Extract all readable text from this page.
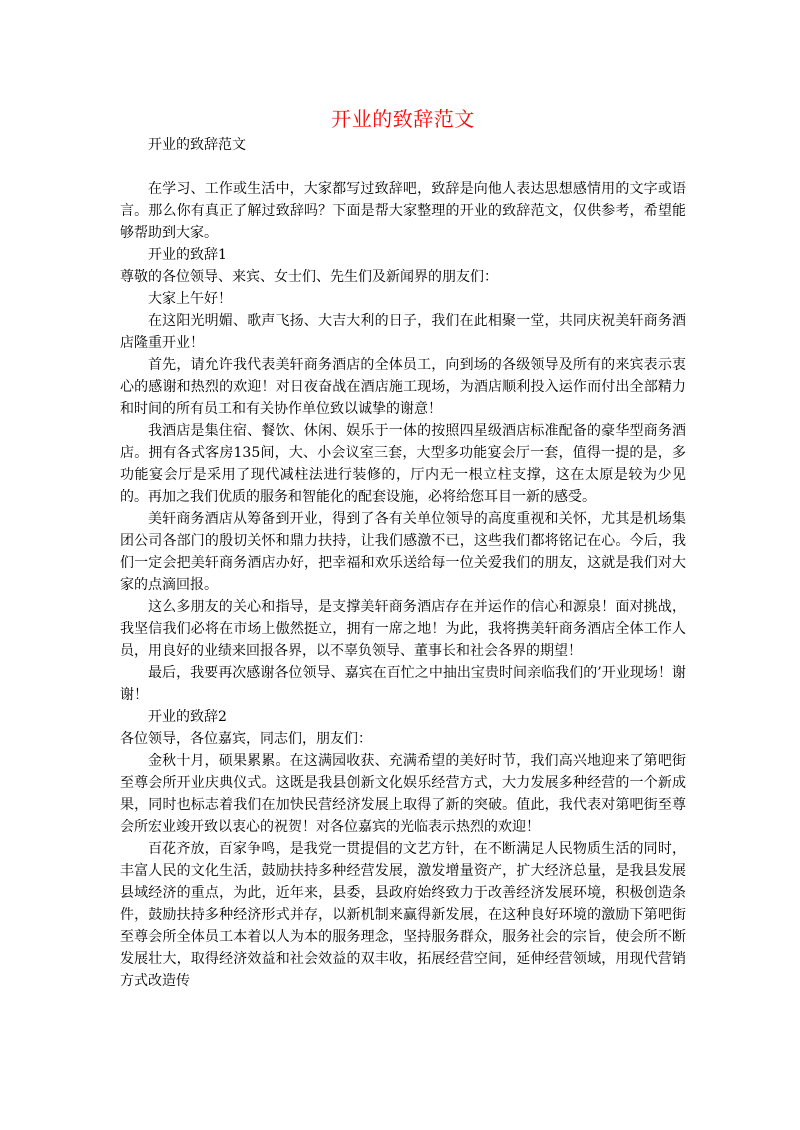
开业的致辞范文

开业的致辞范文

在学习、工作或生活中，大家都写过致辞吧，致辞是向他人表达思想感情用的文字或语言。那么你有真正了解过致辞吗？下面是帮大家整理的开业的致辞范文，仅供参考，希望能够帮助到大家。

开业的致辞1

尊敬的各位领导、来宾、女士们、先生们及新闻界的朋友们：

大家上午好！

在这阳光明媚、歌声飞扬、大吉大利的日子，我们在此相聚一堂，共同庆祝美轩商务酒店隆重开业！

首先，请允许我代表美轩商务酒店的全体员工，向到场的各级领导及所有的来宾表示衷心的感谢和热烈的欢迎！对日夜奋战在酒店施工现场，为酒店顺利投入运作而付出全部精力和时间的所有员工和有关协作单位致以诚挚的谢意！

我酒店是集住宿、餐饮、休闲、娱乐于一体的按照四星级酒店标准配备的豪华型商务酒店。拥有各式客房135间，大、小会议室三套，大型多功能宴会厅一套，值得一提的是，多功能宴会厅是采用了现代减柱法进行装修的，厅内无一根立柱支撑，这在太原是较为少见的。再加之我们优质的服务和智能化的配套设施，必将给您耳目一新的感受。

美轩商务酒店从筹备到开业，得到了各有关单位领导的高度重视和关怀，尤其是机场集团公司各部门的殷切关怀和鼎力扶持，让我们感激不已，这些我们都将铭记在心。今后，我们一定会把美轩商务酒店办好，把幸福和欢乐送给每一位关爱我们的朋友，这就是我们对大家的点滴回报。

这么多朋友的关心和指导，是支撑美轩商务酒店存在并运作的信心和源泉！面对挑战，我坚信我们必将在市场上傲然挺立，拥有一席之地！为此，我将携美轩商务酒店全体工作人员，用良好的业绩来回报各界，以不辜负领导、董事长和社会各界的期望！

最后，我要再次感谢各位领导、嘉宾在百忙之中抽出宝贵时间亲临我们的’开业现场！谢谢！

开业的致辞2

各位领导，各位嘉宾，同志们，朋友们：

金秋十月，硕果累累。在这满园收获、充满希望的美好时节，我们高兴地迎来了第吧街至尊会所开业庆典仪式。这既是我县创新文化娱乐经营方式，大力发展多种经营的一个新成果，同时也标志着我们在加快民营经济发展上取得了新的突破。值此，我代表对第吧街至尊会所宏业竣开致以衷心的祝贺！对各位嘉宾的光临表示热烈的欢迎！

百花齐放，百家争鸣，是我党一贯提倡的文艺方针，在不断满足人民物质生活的同时，丰富人民的文化生活，鼓励扶持多种经营发展，激发增量资产，扩大经济总量，是我县发展县域经济的重点，为此，近年来，县委，县政府始终致力于改善经济发展环境，积极创造条件，鼓励扶持多种经济形式并存，以新机制来赢得新发展，在这种良好环境的激励下第吧街至尊会所全体员工本着以人为本的服务理念，坚持服务群众，服务社会的宗旨，使会所不断发展壮大，取得经济效益和社会效益的双丰收，拓展经营空间，延伸经营领域，用现代营销方式改造传
